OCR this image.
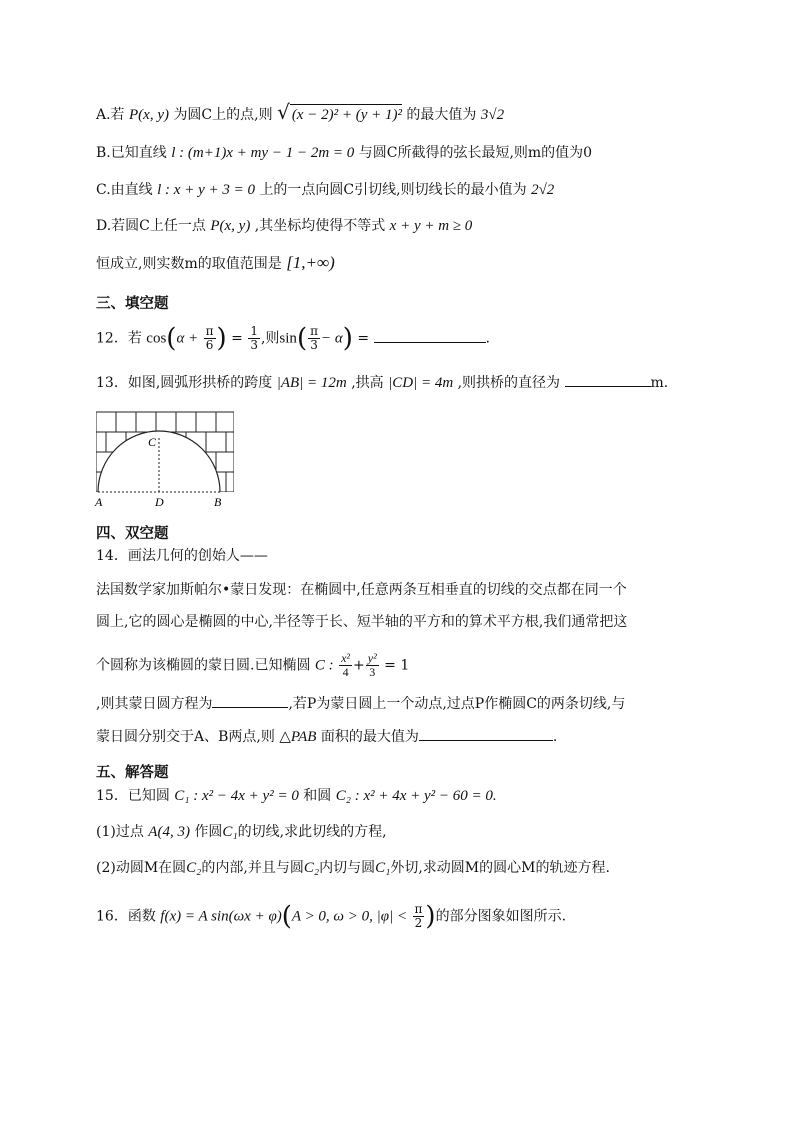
A.若 P(x, y) 为圆C上的点,则 √ (x − 2)² + (y + 1)² 的最大值为 3√2
B.已知直线 l : (m+1)x + my − 1 − 2m = 0 与圆C所截得的弦长最短,则m的值为0
C.由直线 l : x + y + 3 = 0 上的一点向圆C引切线,则切线长的最小值为 2√2
D.若圆C上任一点 P(x, y) ,其坐标均使得不等式 x + y + m ≥ 0
恒成立,则实数m的取值范围是 [1,+∞)
三、填空题
12．若 $\cos(\alpha + \frac{\pi}{6}$ ) = $\frac{1}{3}$ ,则$\sin( \frac{\pi}{3} - \alpha)$ =	.
13．如图,圆弧形拱桥的跨度 |AB| = 12m ,拱高 |CD| = 4m ,则拱桥的直径为	m.
C
A	D	B
四、双空题
14．画法几何的创始人——
法国数学家加斯帕尔•蒙日发现：在椭圆中,任意两条互相垂直的切线的交点都在同一个
圆上,它的圆心是椭圆的中心,半径等于长、短半轴的平方和的算术平方根,我们通常把这
个圆称为该椭圆的蒙日圆.已知椭圆 C : $\frac{\text{x²}}{4} + \frac{\text{y²}}{3} = 1$
,则其蒙日圆方程为	,若P为蒙日圆上一个动点,过点P作椭圆C的两条切线,与
蒙日圆分别交于A、B两点,则 △PAB 面积的最大值为	.
五、解答题
15．已知圆 C₁ : x² − 4x + y² = 0 和圆 C₂ : x² + 4x + y² − 60 = 0.
(1)过点 A(4, 3) 作圆C₁的切线,求此切线的方程,
(2)动圆M在圆C₂的内部,并且与圆C₂内切与圆C₁外切,求动圆M的圆心M的轨迹方程.
16．函数 f(x) = A sin(ωx + φ)(A > 0, ω > 0, $|\varphi| < \frac{\pi}{2}$ )的部分图象如图所示.
